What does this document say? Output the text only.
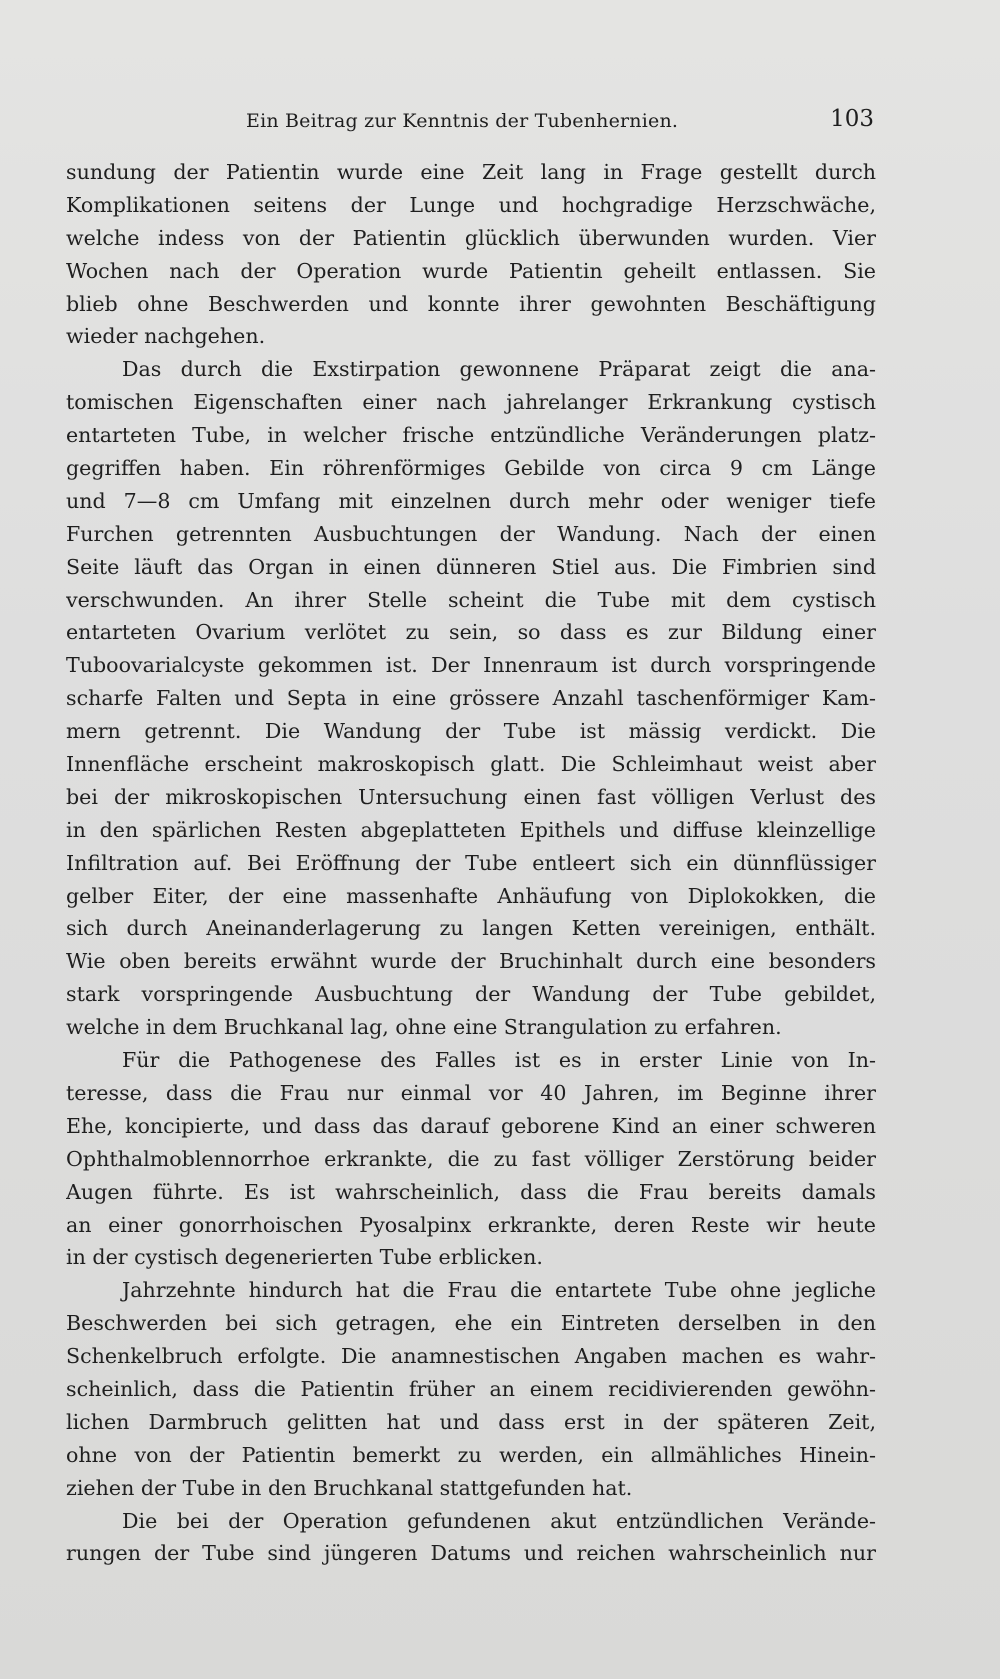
Ein Beitrag zur Kenntnis der Tubenhernien.	103
sundung der Patientin wurde eine Zeit lang in Frage gestellt durch
Komplikationen seitens der Lunge und hochgradige Herzschwäche,
welche indess von der Patientin glücklich überwunden wurden. Vier
Wochen nach der Operation wurde Patientin geheilt entlassen. Sie
blieb ohne Beschwerden und konnte ihrer gewohnten Beschäftigung
wieder nachgehen.
Das durch die Exstirpation gewonnene Präparat zeigt die ana-
tomischen Eigenschaften einer nach jahrelanger Erkrankung cystisch
entarteten Tube, in welcher frische entzündliche Veränderungen platz-
gegriffen haben. Ein röhrenförmiges Gebilde von circa 9 cm Länge
und 7—8 cm Umfang mit einzelnen durch mehr oder weniger tiefe
Furchen getrennten Ausbuchtungen der Wandung. Nach der einen
Seite läuft das Organ in einen dünneren Stiel aus. Die Fimbrien sind
verschwunden. An ihrer Stelle scheint die Tube mit dem cystisch
entarteten Ovarium verlötet zu sein, so dass es zur Bildung einer
Tuboovarialcyste gekommen ist. Der Innenraum ist durch vorspringende
scharfe Falten und Septa in eine grössere Anzahl taschenförmiger Kam-
mern getrennt. Die Wandung der Tube ist mässig verdickt. Die
Innenfläche erscheint makroskopisch glatt. Die Schleimhaut weist aber
bei der mikroskopischen Untersuchung einen fast völligen Verlust des
in den spärlichen Resten abgeplatteten Epithels und diffuse kleinzellige
Infiltration auf. Bei Eröffnung der Tube entleert sich ein dünnflüssiger
gelber Eiter, der eine massenhafte Anhäufung von Diplokokken, die
sich durch Aneinanderlagerung zu langen Ketten vereinigen, enthält.
Wie oben bereits erwähnt wurde der Bruchinhalt durch eine besonders
stark vorspringende Ausbuchtung der Wandung der Tube gebildet,
welche in dem Bruchkanal lag, ohne eine Strangulation zu erfahren.
Für die Pathogenese des Falles ist es in erster Linie von In-
teresse, dass die Frau nur einmal vor 40 Jahren, im Beginne ihrer
Ehe, koncipierte, und dass das darauf geborene Kind an einer schweren
Ophthalmoblennorrhoe erkrankte, die zu fast völliger Zerstörung beider
Augen führte. Es ist wahrscheinlich, dass die Frau bereits damals
an einer gonorrhoischen Pyosalpinx erkrankte, deren Reste wir heute
in der cystisch degenerierten Tube erblicken.
Jahrzehnte hindurch hat die Frau die entartete Tube ohne jegliche
Beschwerden bei sich getragen, ehe ein Eintreten derselben in den
Schenkelbruch erfolgte. Die anamnestischen Angaben machen es wahr-
scheinlich, dass die Patientin früher an einem recidivierenden gewöhn-
lichen Darmbruch gelitten hat und dass erst in der späteren Zeit,
ohne von der Patientin bemerkt zu werden, ein allmähliches Hinein-
ziehen der Tube in den Bruchkanal stattgefunden hat.
Die bei der Operation gefundenen akut entzündlichen Verände-
rungen der Tube sind jüngeren Datums und reichen wahrscheinlich nur
